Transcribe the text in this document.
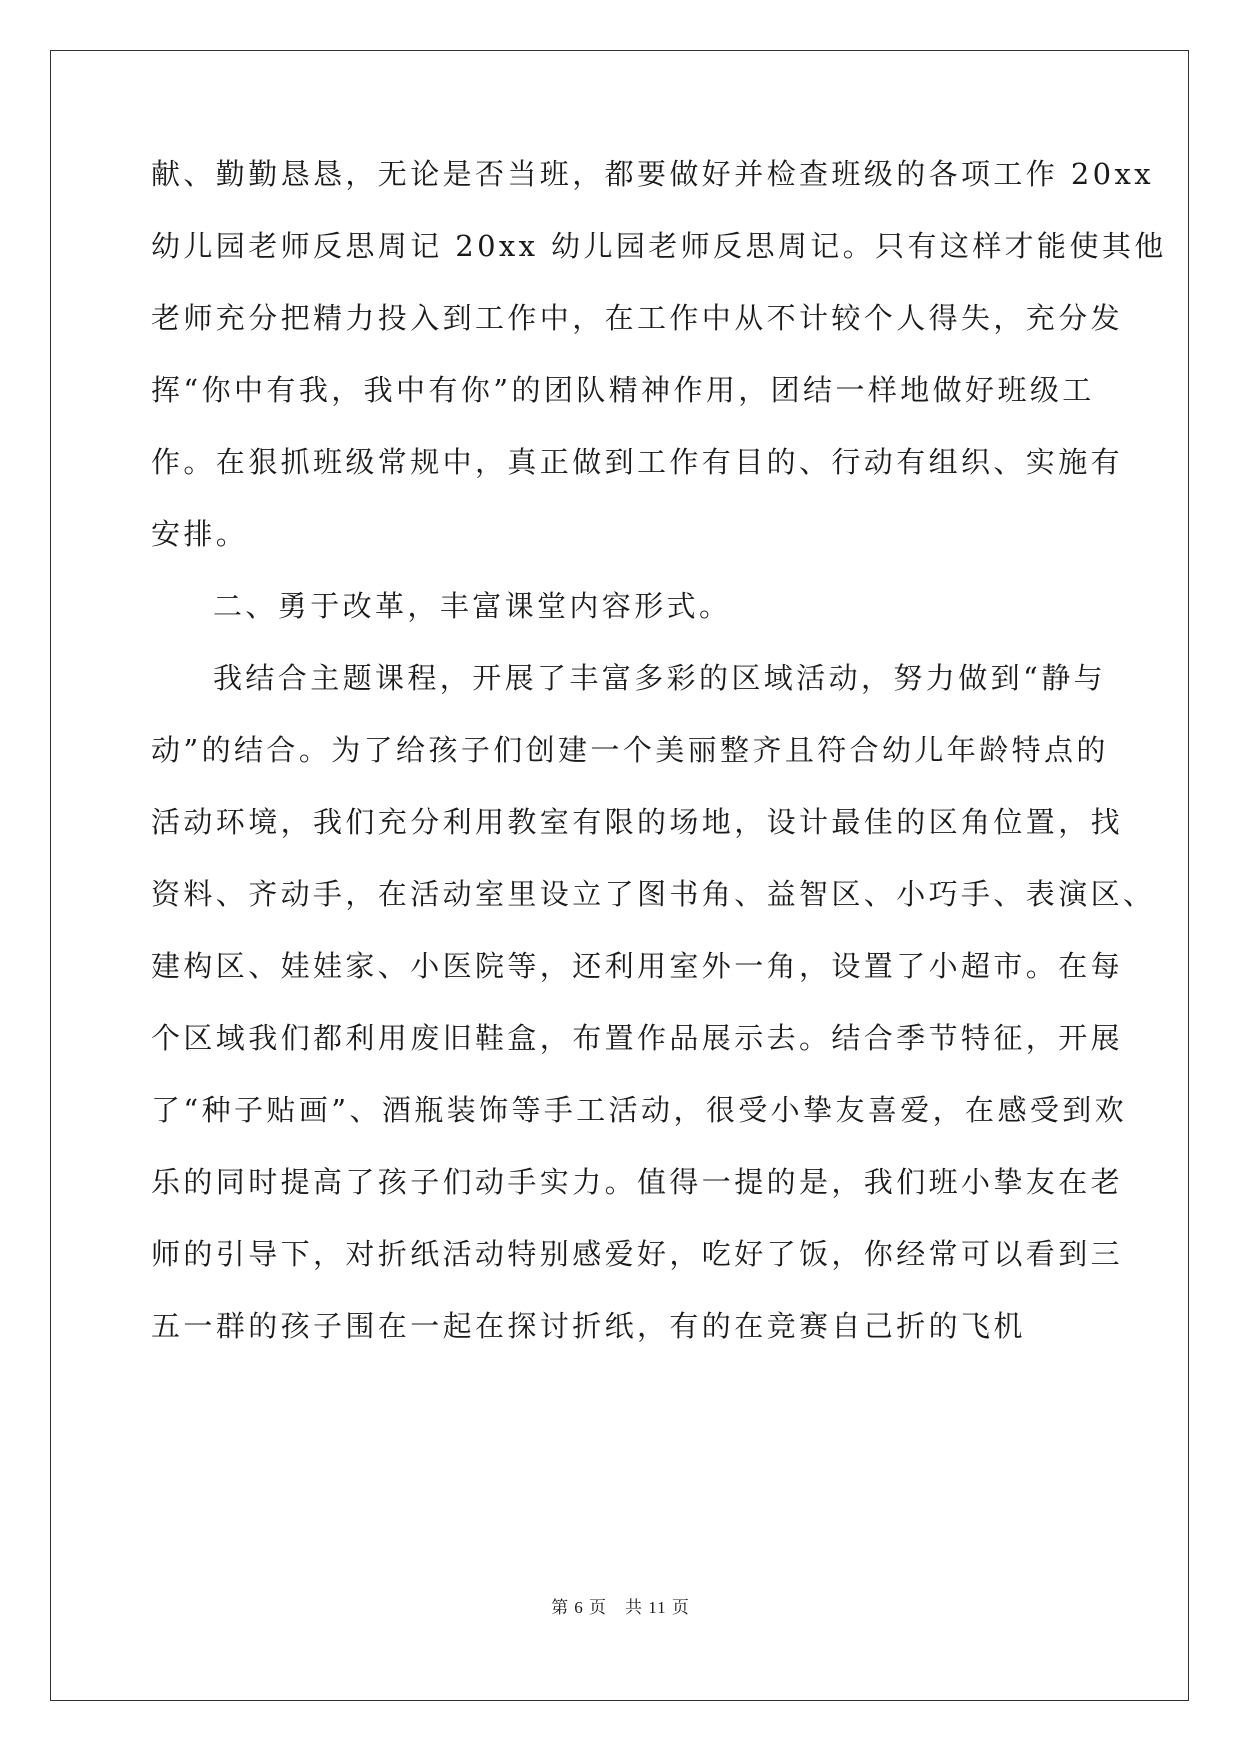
献、勤勤恳恳，无论是否当班，都要做好并检查班级的各项工作 20xx
幼儿园老师反思周记 20xx 幼儿园老师反思周记。只有这样才能使其他
老师充分把精力投入到工作中，在工作中从不计较个人得失，充分发
挥“你中有我，我中有你”的团队精神作用，团结一样地做好班级工
作。在狠抓班级常规中，真正做到工作有目的、行动有组织、实施有
安排。
二、勇于改革，丰富课堂内容形式。
我结合主题课程，开展了丰富多彩的区域活动，努力做到“静与
动”的结合。为了给孩子们创建一个美丽整齐且符合幼儿年龄特点的
活动环境，我们充分利用教室有限的场地，设计最佳的区角位置，找
资料、齐动手，在活动室里设立了图书角、益智区、小巧手、表演区、
建构区、娃娃家、小医院等，还利用室外一角，设置了小超市。在每
个区域我们都利用废旧鞋盒，布置作品展示去。结合季节特征，开展
了“种子贴画”、酒瓶装饰等手工活动，很受小挚友喜爱，在感受到欢
乐的同时提高了孩子们动手实力。值得一提的是，我们班小挚友在老
师的引导下，对折纸活动特别感爱好，吃好了饭，你经常可以看到三
五一群的孩子围在一起在探讨折纸，有的在竞赛自己折的飞机
第 6 页　共 11 页
